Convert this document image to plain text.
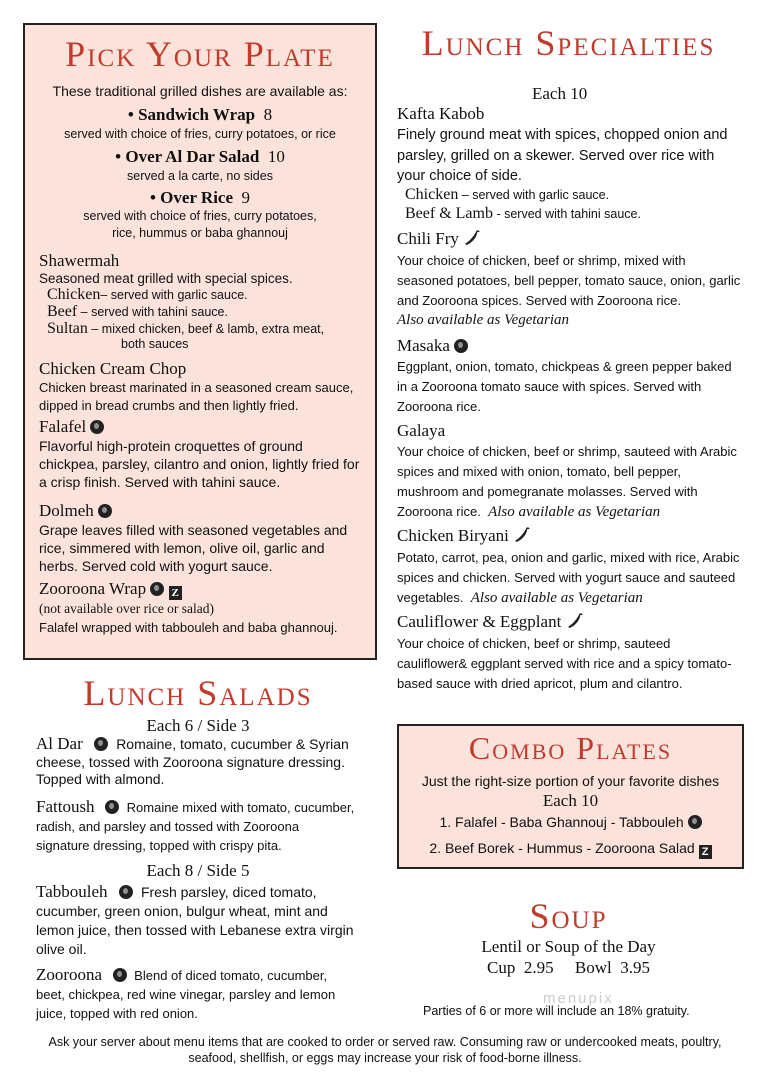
Pick Your Plate
These traditional grilled dishes are available as:
• Sandwich Wrap 8
served with choice of fries, curry potatoes, or rice
• Over Al Dar Salad 10
served a la carte, no sides
• Over Rice 9
served with choice of fries, curry potatoes,
rice, hummus or baba ghannouj
Shawermah
Seasoned meat grilled with special spices.
Chicken– served with garlic sauce.
Beef – served with tahini sauce.
Sultan – mixed chicken, beef & lamb, extra meat,
both sauces
Chicken Cream Chop
Chicken breast marinated in a seasoned cream sauce, dipped in bread crumbs and then lightly fried.
Falafel
Flavorful high-protein croquettes of ground chickpea, parsley, cilantro and onion, lightly fried for a crisp finish. Served with tahini sauce.
Dolmeh
Grape leaves filled with seasoned vegetables and rice, simmered with lemon, olive oil, garlic and herbs. Served cold with yogurt sauce.
Zooroona Wrap Z
(not available over rice or salad)
Falafel wrapped with tabbouleh and baba ghannouj.
Lunch Specialties
Each 10
Kafta Kabob
Finely ground meat with spices, chopped onion and parsley, grilled on a skewer. Served over rice with your choice of side.
Chicken – served with garlic sauce.
Beef & Lamb - served with tahini sauce.
Chili Fry
Your choice of chicken, beef or shrimp, mixed with seasoned potatoes, bell pepper, tomato sauce, onion, garlic and Zooroona spices. Served with Zooroona rice.
Also available as Vegetarian
Masaka
Eggplant, onion, tomato, chickpeas & green pepper baked in a Zooroona tomato sauce with spices. Served with Zooroona rice.
Galaya
Your choice of chicken, beef or shrimp, sauteed with Arabic spices and mixed with onion, tomato, bell pepper, mushroom and pomegranate molasses. Served with Zooroona rice. Also available as Vegetarian
Chicken Biryani
Potato, carrot, pea, onion and garlic, mixed with rice, Arabic spices and chicken. Served with yogurt sauce and sauteed vegetables. Also available as Vegetarian
Cauliflower & Eggplant
Your choice of chicken, beef or shrimp, sauteed cauliflower& eggplant served with rice and a spicy tomato-based sauce with dried apricot, plum and cilantro.
Lunch Salads
Each 6 / Side 3
Al Dar Romaine, tomato, cucumber & Syrian cheese, tossed with Zooroona signature dressing. Topped with almond.
Fattoush Romaine mixed with tomato, cucumber, radish, and parsley and tossed with Zooroona signature dressing, topped with crispy pita.
Each 8 / Side 5
Tabbouleh Fresh parsley, diced tomato, cucumber, green onion, bulgur wheat, mint and lemon juice, then tossed with Lebanese extra virgin olive oil.
Zooroona Blend of diced tomato, cucumber, beet, chickpea, red wine vinegar, parsley and lemon juice, topped with red onion.
Combo Plates
Just the right-size portion of your favorite dishes
Each 10
1. Falafel - Baba Ghannouj - Tabbouleh
2. Beef Borek - Hummus - Zooroona Salad Z
Soup
Lentil or Soup of the Day
Cup  2.95     Bowl  3.95
menupix
Parties of 6 or more will include an 18% gratuity.
Ask your server about menu items that are cooked to order or served raw. Consuming raw or undercooked meats, poultry, seafood, shellfish, or eggs may increase your risk of food-borne illness.
